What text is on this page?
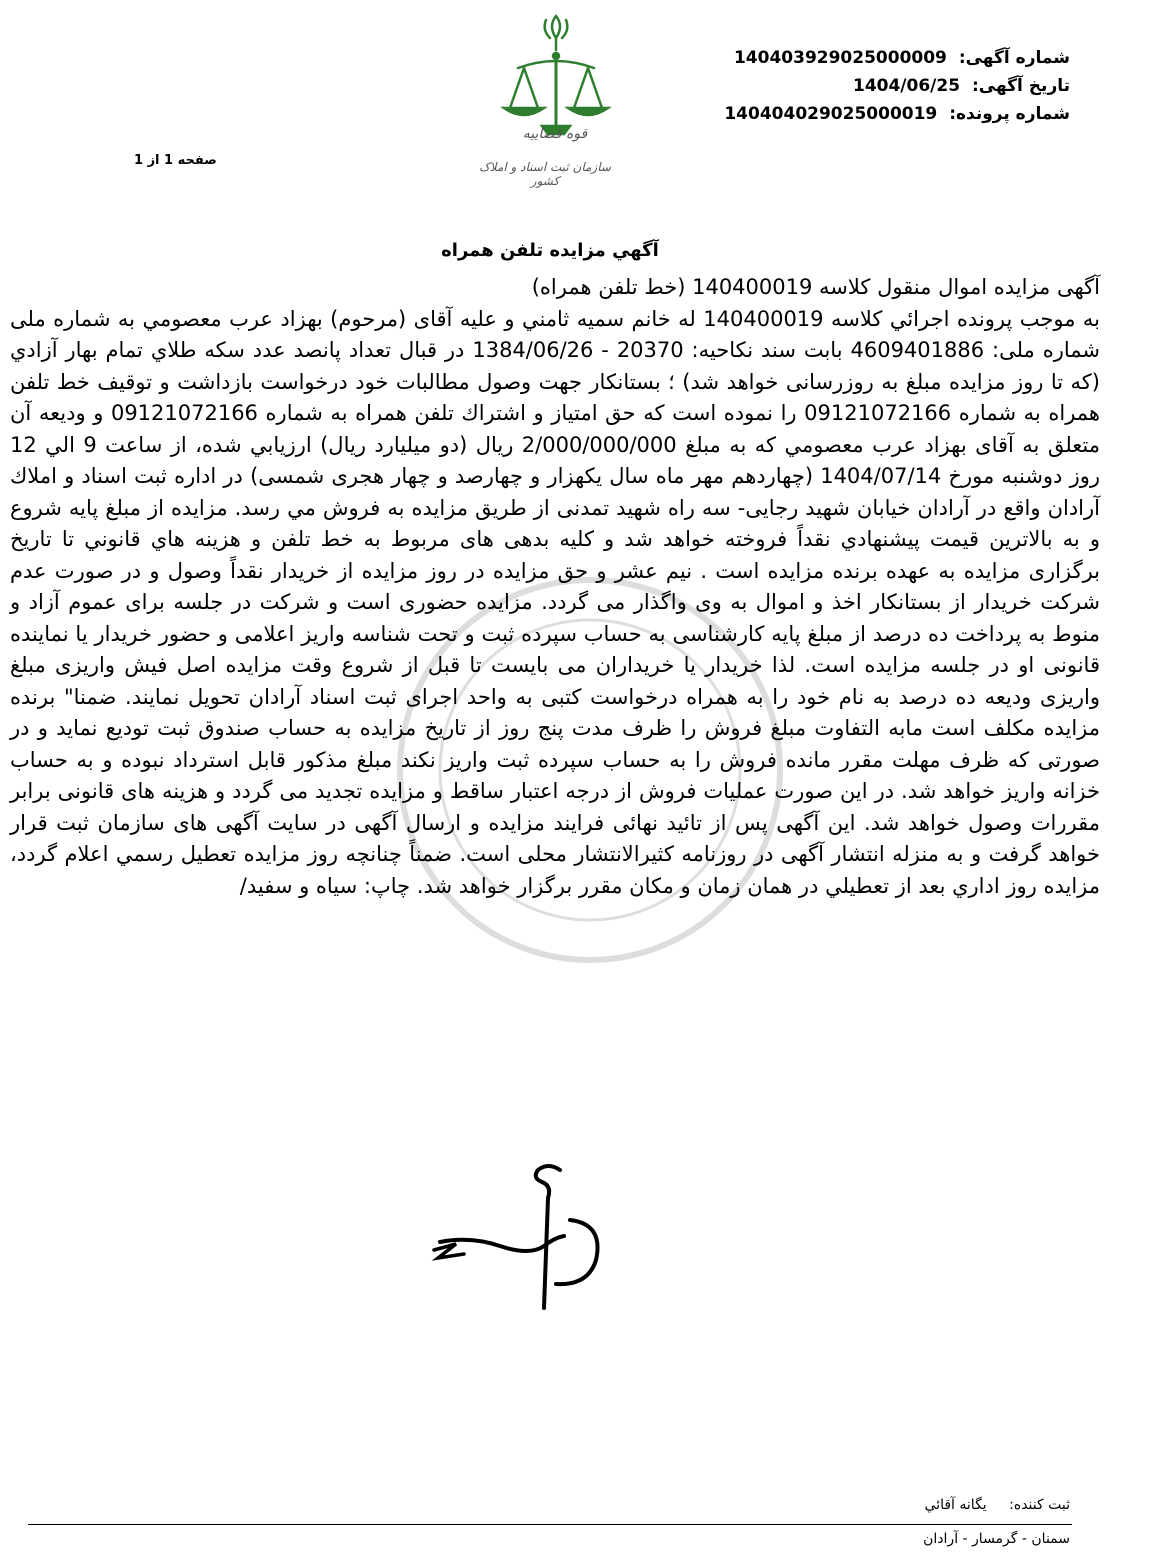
شماره آگهی: 140403929025000009
تاریخ آگهی: 1404/06/25
شماره پرونده: 140404029025000019
قوه قضاییه
سازمان ثبت اسناد و املاک کشور
صفحه 1 از 1
آگهي مزايده تلفن همراه

آگهی مزایده اموال منقول کلاسه 140400019 (خط تلفن همراه)

به موجب پرونده اجرائي كلاسه 140400019 له خانم سميه ثامني و علیه آقای (مرحوم) بهزاد عرب معصومي به شماره ملی شماره ملی: 4609401886 بابت سند نکاحیه: 20370 - 1384/06/26 در قبال تعداد پانصد عدد سكه طلاي تمام بهار آزادي (كه تا روز مزايده مبلغ به روزرسانی خواهد شد) ؛ بستانکار جهت وصول مطالبات خود درخواست بازداشت و توقيف خط تلفن همراه به شماره 09121072166 را نموده است كه حق امتياز و اشتراك تلفن همراه به شماره 09121072166 و ودیعه آن متعلق به آقای بهزاد عرب معصومي كه به مبلغ 2/000/000/000 ريال (دو ميليارد ريال) ارزيابي شده، از ساعت 9 الي 12 روز دوشنبه مورخ 1404/07/14 (چهاردهم مهر ماه سال یکهزار و چهارصد و چهار هجری شمسی) در اداره ثبت اسناد و املاك آرادان واقع در آرادان خيابان شهيد رجايی- سه راه شهيد تمدنی از طريق مزايده به فروش مي رسد. مزايده از مبلغ پايه شروع و به بالاترين قيمت پيشنهادي نقداً فروخته خواهد شد و كليه بدهی های مربوط به خط تلفن و هزينه هاي قانوني تا تاريخ برگزاری مزايده به عهده برنده مزايده است . نيم عشر و حق مزايده در روز مزايده از خريدار نقداً وصول و در صورت عدم شرکت خريدار از بستانکار اخذ و اموال به وی واگذار می گردد. مزایده حضوری است و شرکت در جلسه برای عموم آزاد و منوط به پرداخت ده درصد از مبلغ پایه کارشناسی به حساب سپرده ثبت و تحت شناسه واریز اعلامی و حضور خریدار یا نماینده قانونی او در جلسه مزایده است. لذا خریدار یا خریداران می بایست تا قبل از شروع وقت مزایده اصل فیش واریزی مبلغ واریزی ودیعه ده درصد به نام خود را به همراه درخواست کتبی به واحد اجرای ثبت اسناد آرادان تحویل نمایند. ضمنا" برنده مزایده مکلف است مابه التفاوت مبلغ فروش را ظرف مدت پنج روز از تاریخ مزایده به حساب صندوق ثبت تودیع نماید و در صورتی که ظرف مهلت مقرر مانده فروش را به حساب سپرده ثبت واریز نکند مبلغ مذکور قابل استرداد نبوده و به حساب خزانه واریز خواهد شد. در این صورت عملیات فروش از درجه اعتبار ساقط و مزایده تجدید می گردد و هزینه های قانونی برابر مقررات وصول خواهد شد. این آگهی پس از تائید نهائی فرایند مزایده و ارسال آگهی در سایت آگهی های سازمان ثبت قرار خواهد گرفت و به منزله انتشار آگهی در روزنامه کثیرالانتشار محلی است. ضمناً چنانچه روز مزايده تعطيل رسمي اعلام گردد، مزايده روز اداري بعد از تعطيلي در همان زمان و مكان مقرر برگزار خواهد شد. چاپ: سیاه و سفید/

ثبت کننده: يگانه آقائي
سمنان - گرمسار - آرادان
